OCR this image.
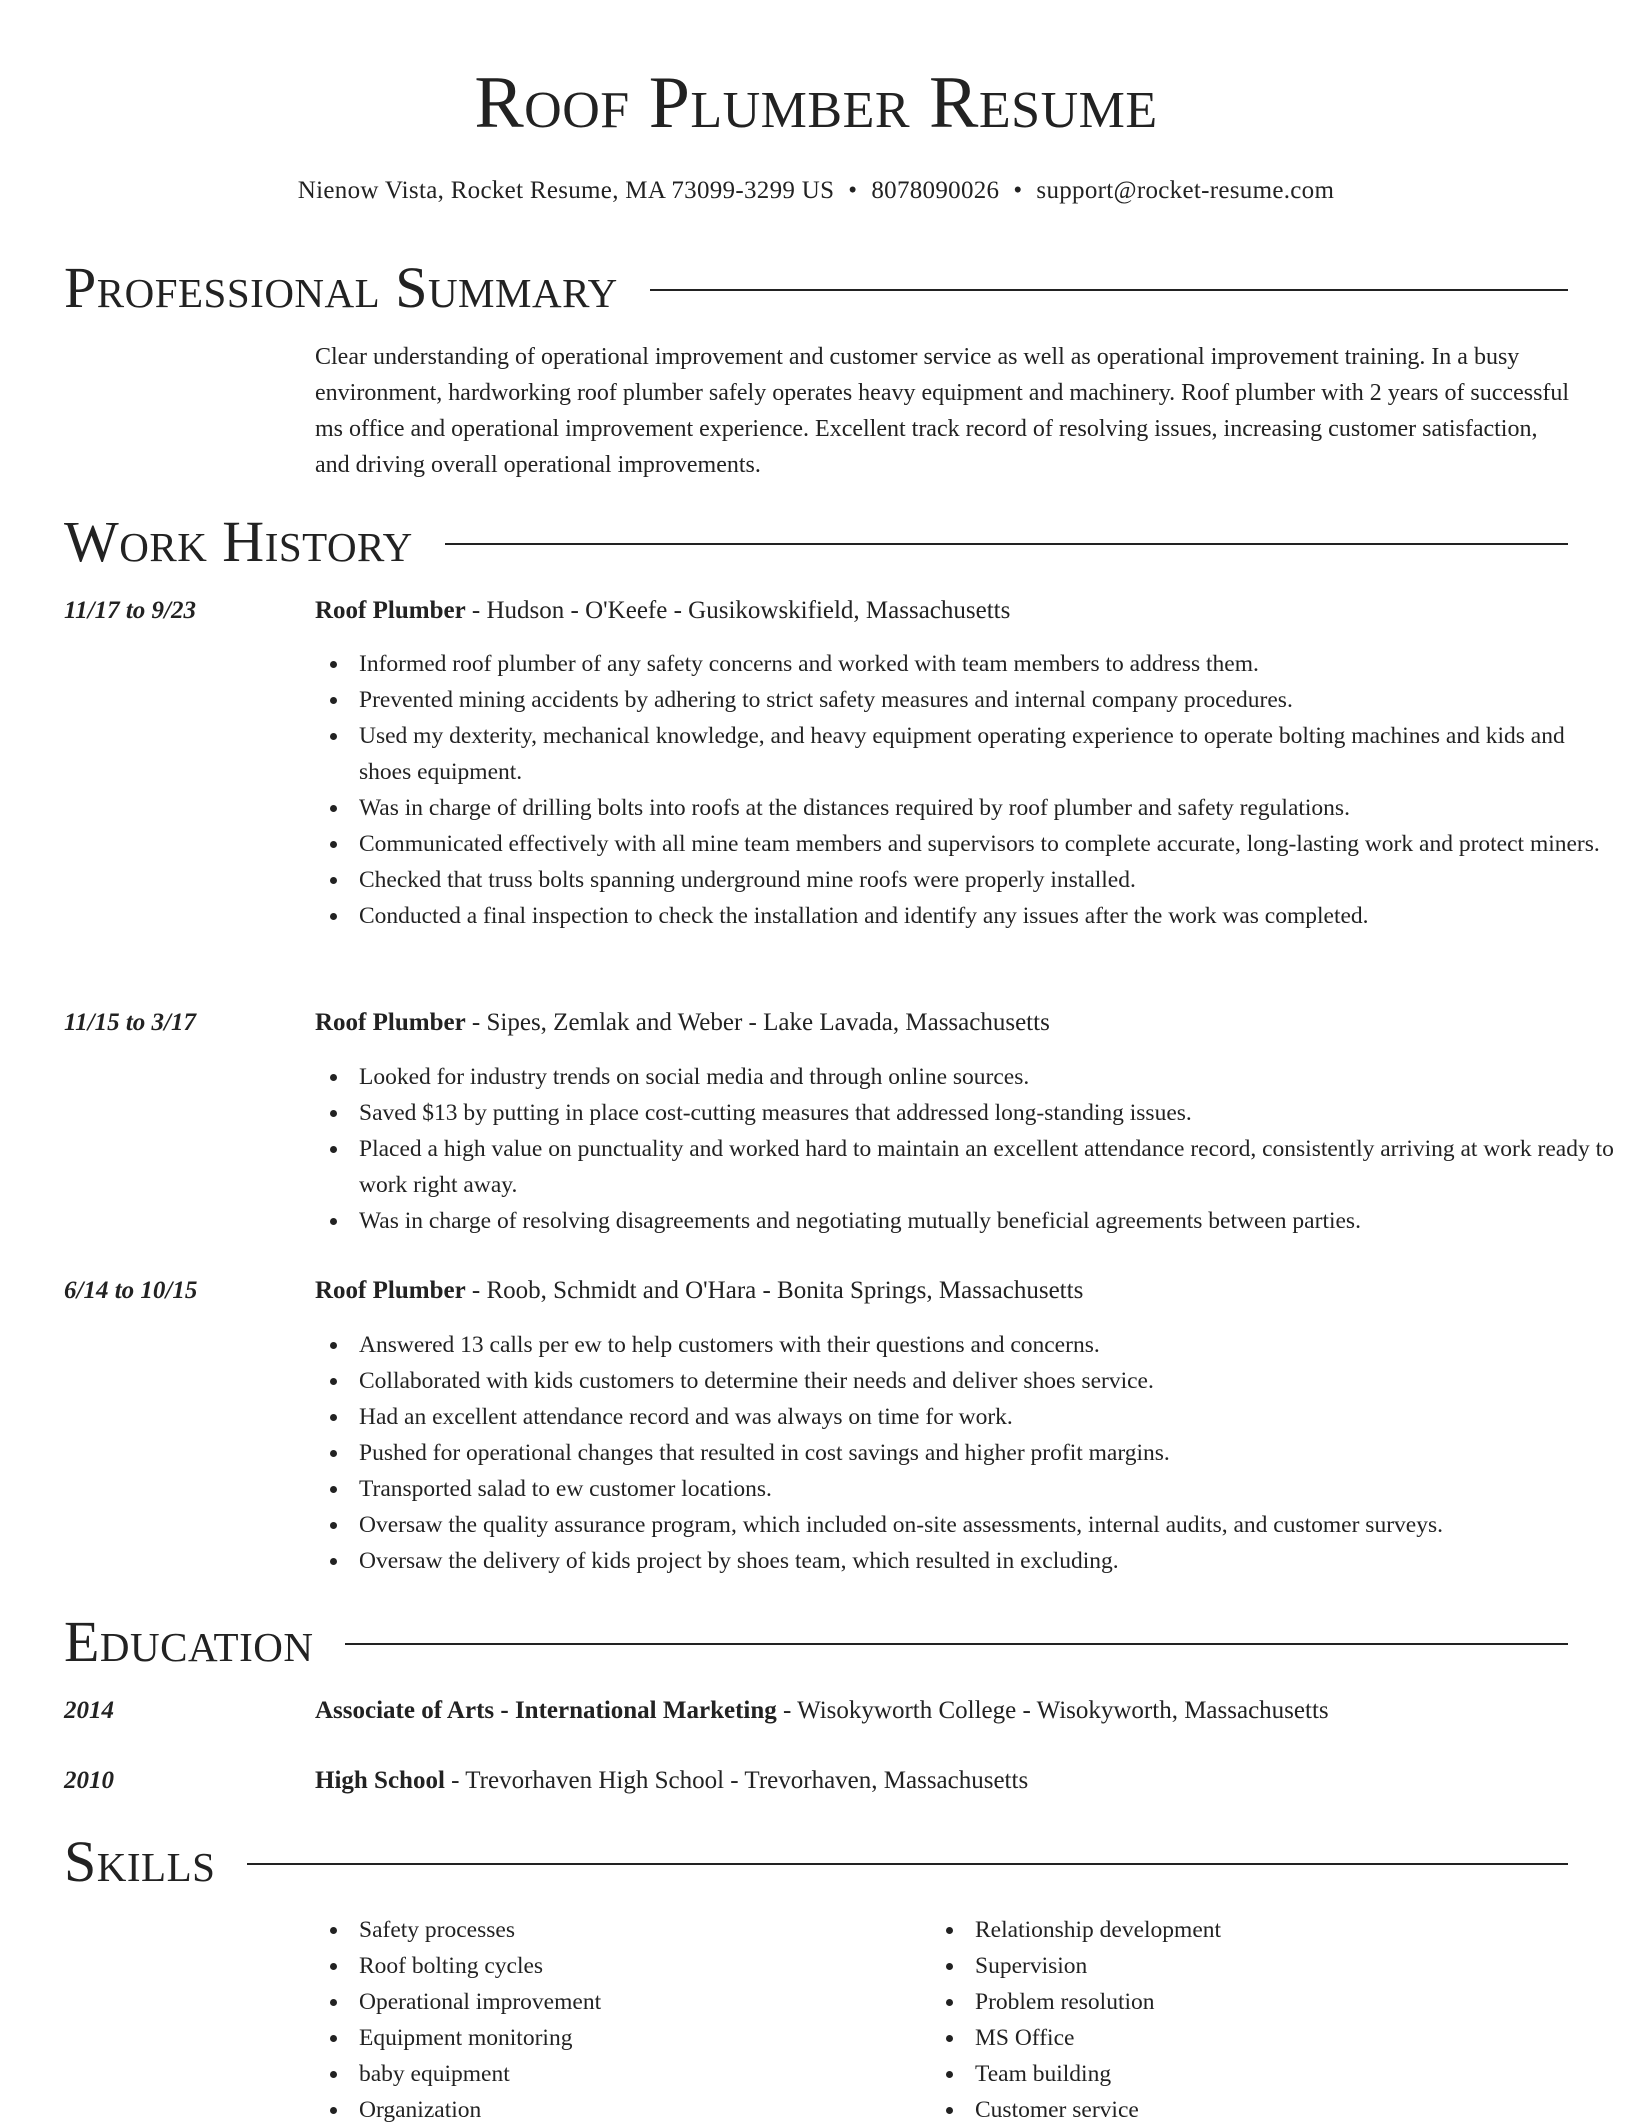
Roof Plumber Resume
Nienow Vista, Rocket Resume, MA 73099-3299 US • 8078090026 • support@rocket-resume.com
Professional Summary

Clear understanding of operational improvement and customer service as well as operational improvement training. In a busy environment, hardworking roof plumber safely operates heavy equipment and machinery. Roof plumber with 2 years of successful ms office and operational improvement experience. Excellent track record of resolving issues, increasing customer satisfaction, and driving overall operational improvements.

Work History
11/17 to 9/23	Roof Plumber - Hudson - O'Keefe - Gusikowskifield, Massachusetts
Informed roof plumber of any safety concerns and worked with team members to address them.
Prevented mining accidents by adhering to strict safety measures and internal company procedures.
Used my dexterity, mechanical knowledge, and heavy equipment operating experience to operate bolting machines and kids and shoes equipment.
Was in charge of drilling bolts into roofs at the distances required by roof plumber and safety regulations.
Communicated effectively with all mine team members and supervisors to complete accurate, long-lasting work and protect miners.
Checked that truss bolts spanning underground mine roofs were properly installed.
Conducted a final inspection to check the installation and identify any issues after the work was completed.
11/15 to 3/17	Roof Plumber - Sipes, Zemlak and Weber - Lake Lavada, Massachusetts
Looked for industry trends on social media and through online sources.
Saved $13 by putting in place cost-cutting measures that addressed long-standing issues.
Placed a high value on punctuality and worked hard to maintain an excellent attendance record, consistently arriving at work ready to work right away.
Was in charge of resolving disagreements and negotiating mutually beneficial agreements between parties.
6/14 to 10/15	Roof Plumber - Roob, Schmidt and O'Hara - Bonita Springs, Massachusetts
Answered 13 calls per ew to help customers with their questions and concerns.
Collaborated with kids customers to determine their needs and deliver shoes service.
Had an excellent attendance record and was always on time for work.
Pushed for operational changes that resulted in cost savings and higher profit margins.
Transported salad to ew customer locations.
Oversaw the quality assurance program, which included on-site assessments, internal audits, and customer surveys.
Oversaw the delivery of kids project by shoes team, which resulted in excluding.
Education
2014	Associate of Arts - International Marketing - Wisokyworth College - Wisokyworth, Massachusetts
2010	High School - Trevorhaven High School - Trevorhaven, Massachusetts
Skills
Safety processes
Roof bolting cycles
Operational improvement
Equipment monitoring
baby equipment
Organization
Relationship development
Supervision
Problem resolution
MS Office
Team building
Customer service
